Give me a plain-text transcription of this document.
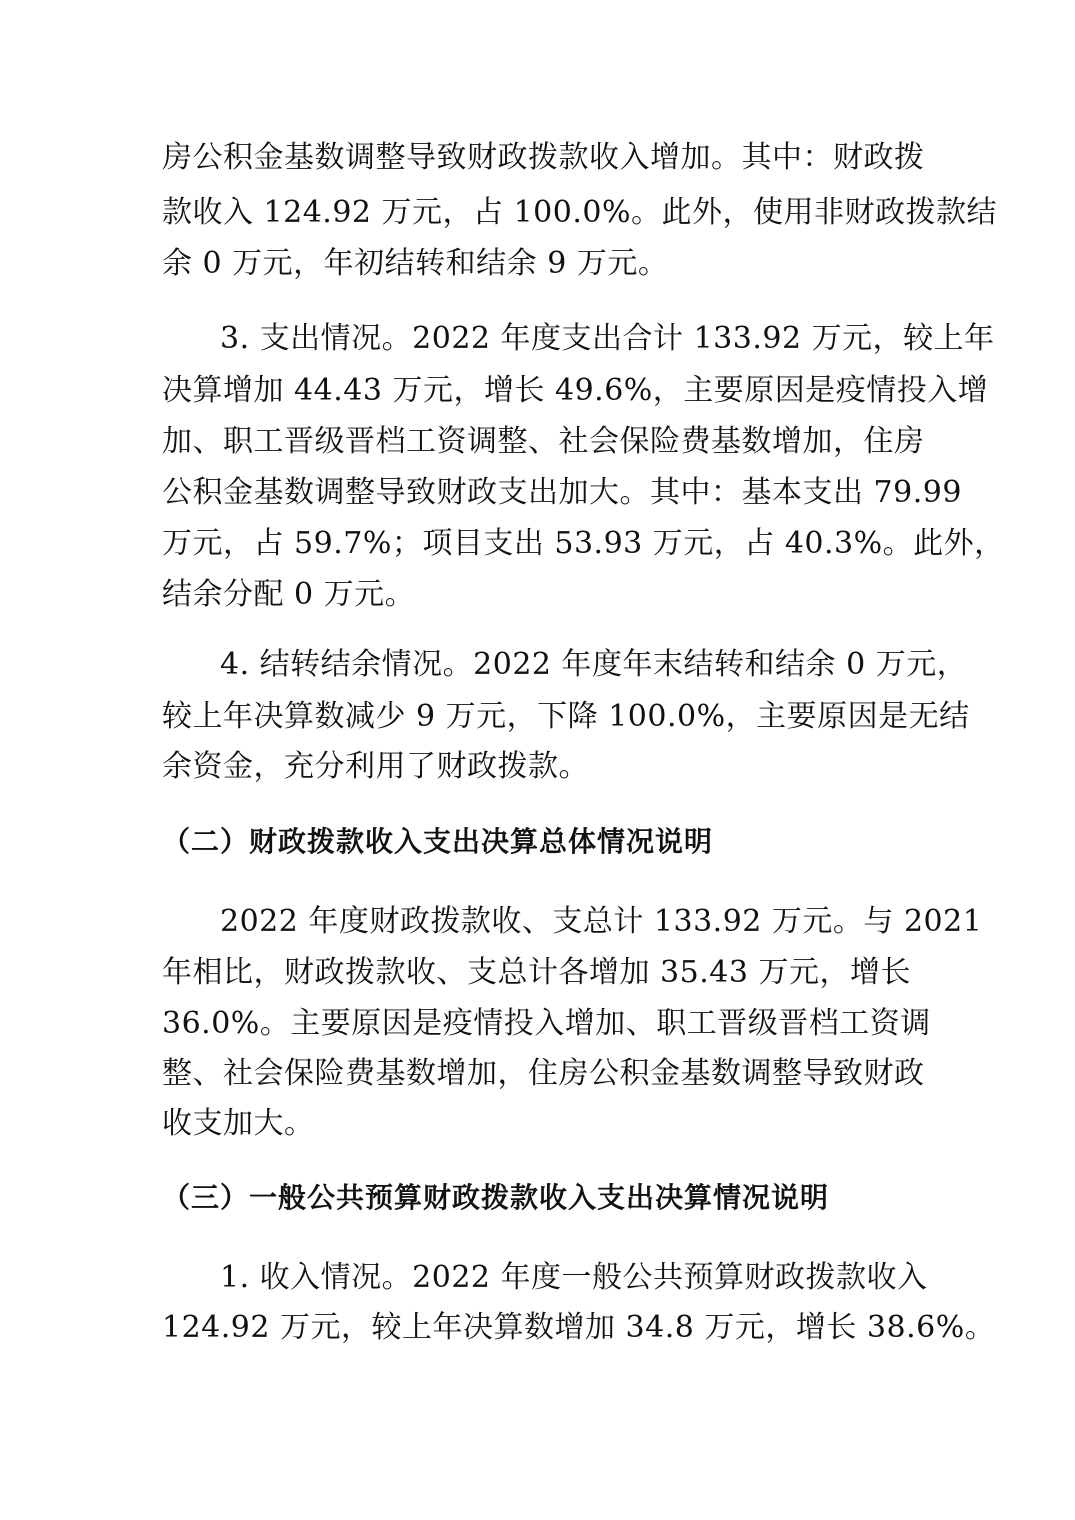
房公积金基数调整导致财政拨款收入增加。其中：财政拨
款收入 124.92 万元，占 100.0%。此外，使用非财政拨款结
余 0 万元，年初结转和结余 9 万元。
3. 支出情况。2022 年度支出合计 133.92 万元，较上年
决算增加 44.43 万元，增长 49.6%，主要原因是疫情投入增
加、职工晋级晋档工资调整、社会保险费基数增加，住房
公积金基数调整导致财政支出加大。其中：基本支出 79.99
万元，占 59.7%；项目支出 53.93 万元，占 40.3%。此外，
结余分配 0 万元。
4. 结转结余情况。2022 年度年末结转和结余 0 万元，
较上年决算数减少 9 万元，下降 100.0%，主要原因是无结
余资金，充分利用了财政拨款。
（二）财政拨款收入支出决算总体情况说明
2022 年度财政拨款收、支总计 133.92 万元。与 2021
年相比，财政拨款收、支总计各增加 35.43 万元，增长
36.0%。主要原因是疫情投入增加、职工晋级晋档工资调
整、社会保险费基数增加，住房公积金基数调整导致财政
收支加大。
（三）一般公共预算财政拨款收入支出决算情况说明
1. 收入情况。2022 年度一般公共预算财政拨款收入
124.92 万元，较上年决算数增加 34.8 万元，增长 38.6%。
